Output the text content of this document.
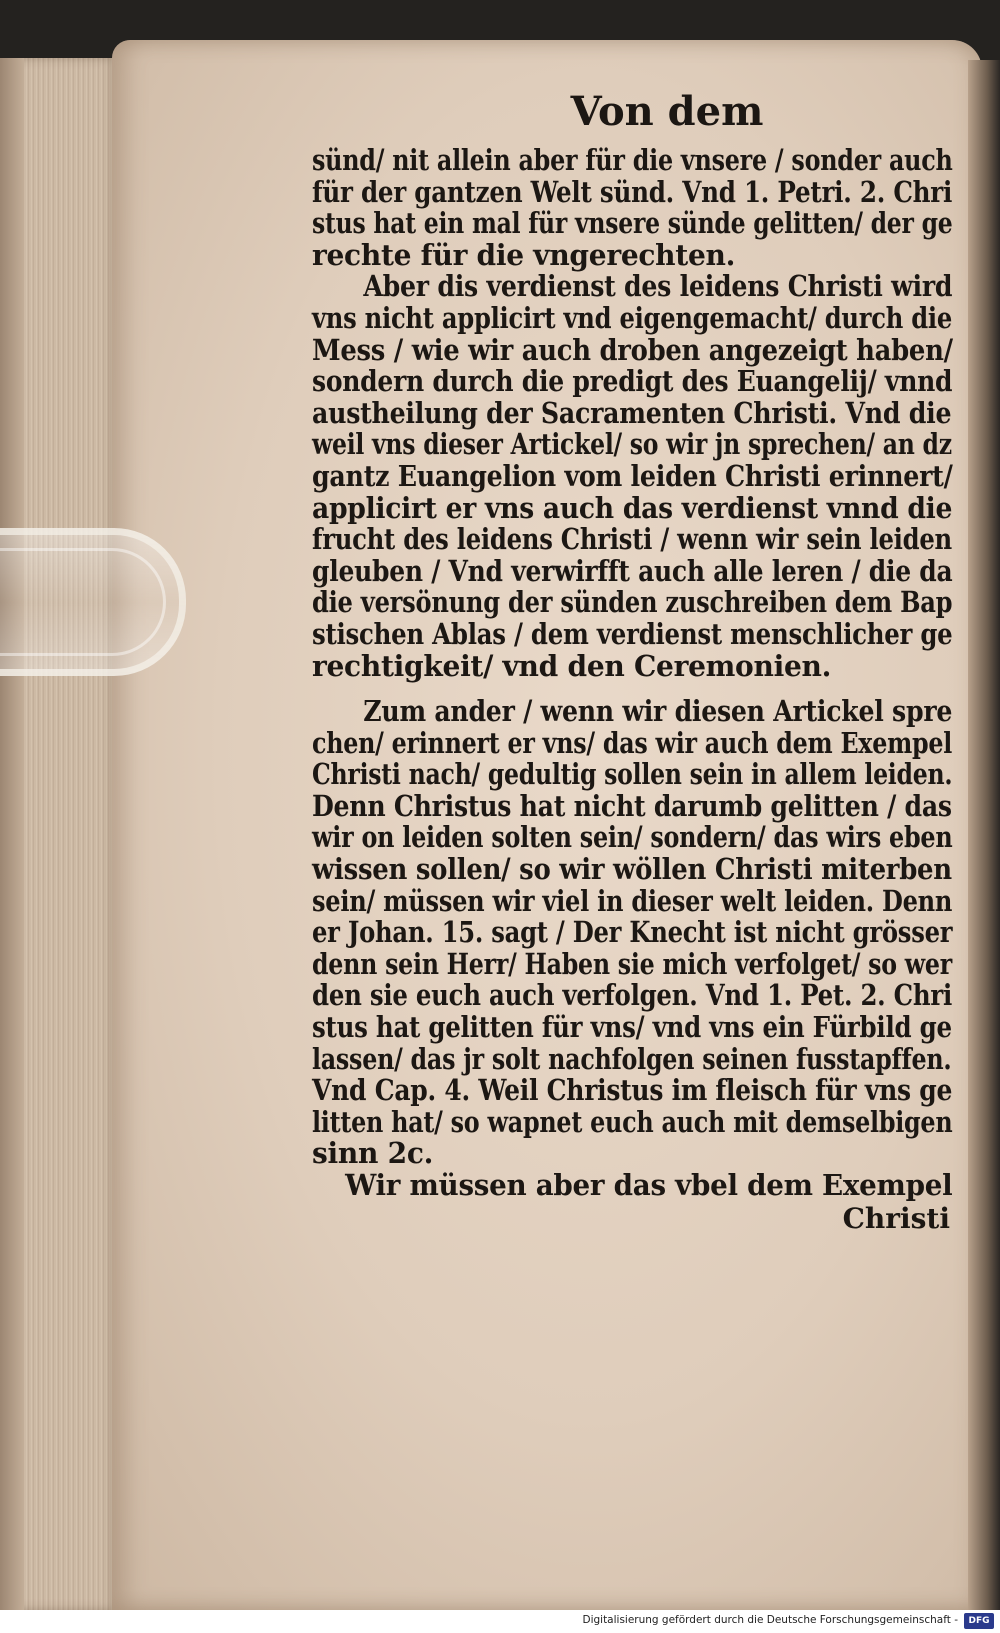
Von dem
sünd/ nit allein aber für die vnsere / sonder auch
für der gantzen Welt sünd. Vnd 1. Petri. 2. Chri
stus hat ein mal für vnsere sünde gelitten/ der ge
rechte für die vngerechten.
Aber dis verdienst des leidens Christi wird
vns nicht applicirt vnd eigengemacht/ durch die
Mess / wie wir auch droben angezeigt haben/
sondern durch die predigt des Euangelij/ vnnd
austheilung der Sacramenten Christi. Vnd die
weil vns dieser Artickel/ so wir jn sprechen/ an dz
gantz Euangelion vom leiden Christi erinnert/
applicirt er vns auch das verdienst vnnd die
frucht des leidens Christi / wenn wir sein leiden
gleuben / Vnd verwirfft auch alle leren / die da
die versönung der sünden zuschreiben dem Bap
stischen Ablas / dem verdienst menschlicher ge
rechtigkeit/ vnd den Ceremonien.
Zum ander / wenn wir diesen Artickel spre
chen/ erinnert er vns/ das wir auch dem Exempel
Christi nach/ gedultig sollen sein in allem leiden.
Denn Christus hat nicht darumb gelitten / das
wir on leiden solten sein/ sondern/ das wirs eben
wissen sollen/ so wir wöllen Christi miterben
sein/ müssen wir viel in dieser welt leiden. Denn
er Johan. 15. sagt / Der Knecht ist nicht grösser
denn sein Herr/ Haben sie mich verfolget/ so wer
den sie euch auch verfolgen. Vnd 1. Pet. 2. Chri
stus hat gelitten für vns/ vnd vns ein Fürbild ge
lassen/ das jr solt nachfolgen seinen fusstapffen.
Vnd Cap. 4. Weil Christus im fleisch für vns ge
litten hat/ so wapnet euch auch mit demselbigen
sinn 2c.
Wir müssen aber das vbel dem Exempel
Christi
Digitalisierung gefördert durch die Deutsche Forschungsgemeinschaft -	DFG
